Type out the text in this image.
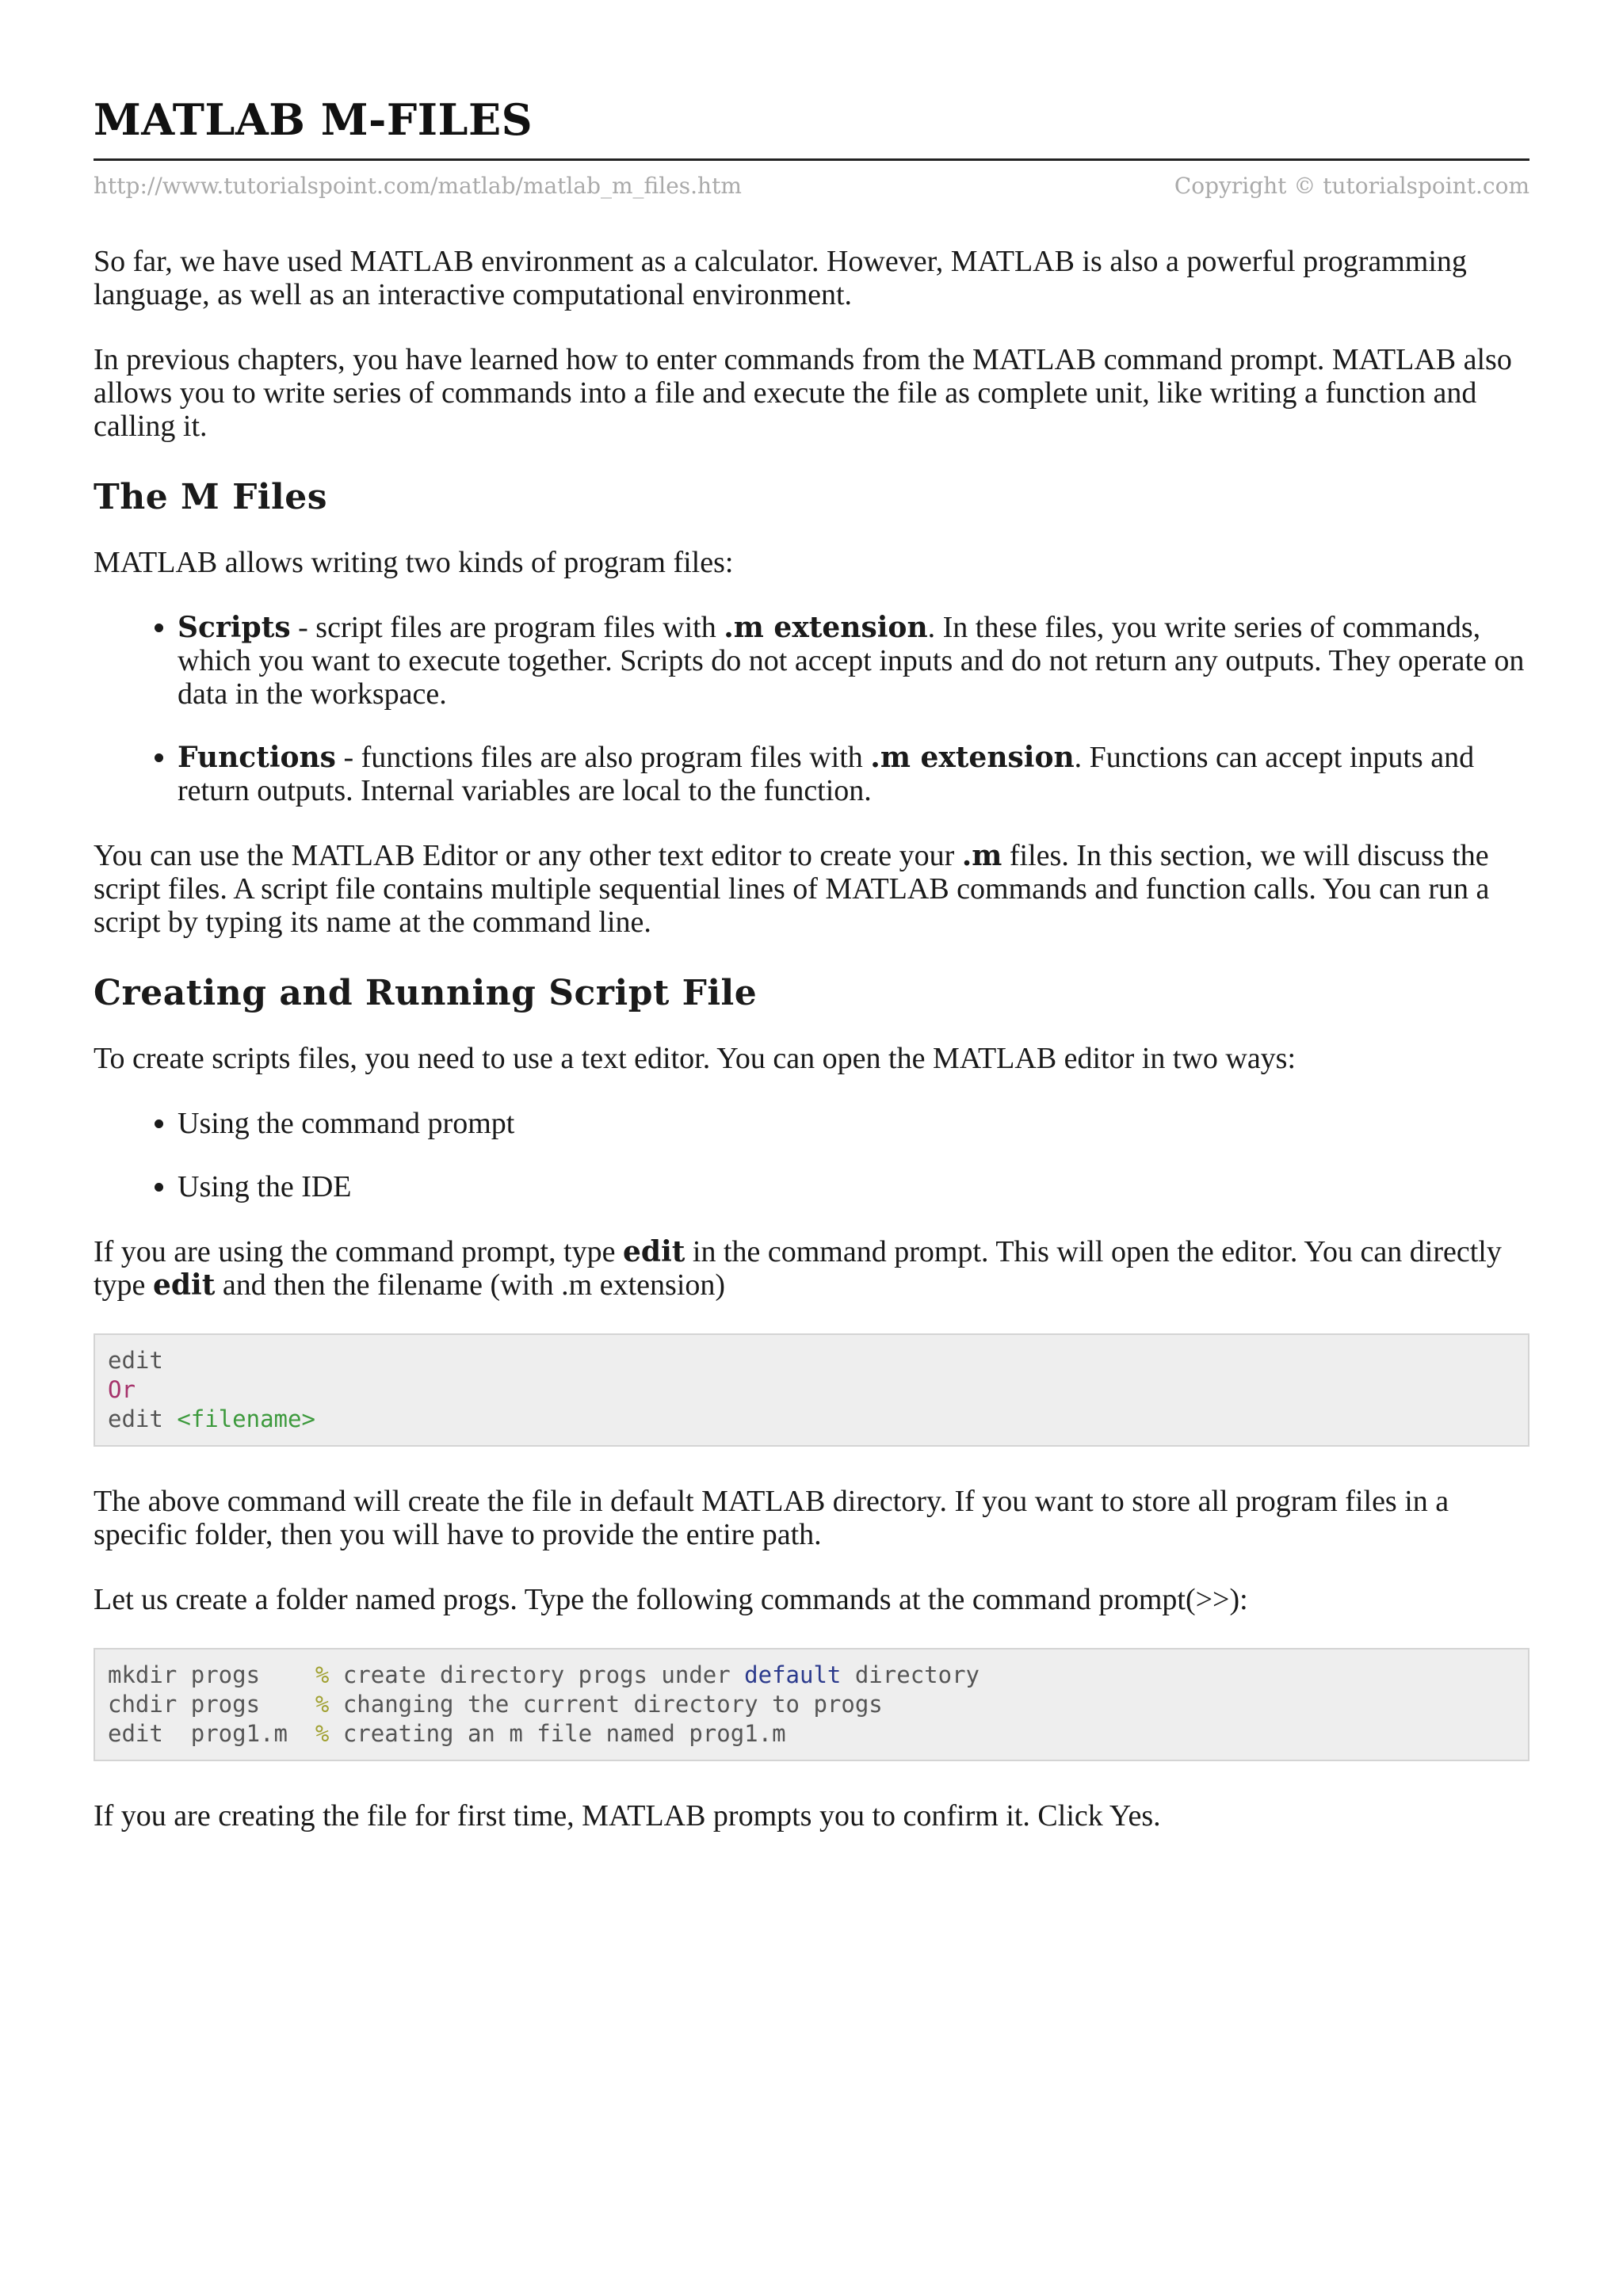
MATLAB M-FILES
http://www.tutorialspoint.com/matlab/matlab_m_files.htm	Copyright © tutorialspoint.com

So far, we have used MATLAB environment as a calculator. However, MATLAB is also a powerful programming language, as well as an interactive computational environment.

In previous chapters, you have learned how to enter commands from the MATLAB command prompt. MATLAB also allows you to write series of commands into a file and execute the file as complete unit, like writing a function and calling it.

The M Files

MATLAB allows writing two kinds of program files:

• Scripts - script files are program files with .m extension. In these files, you write series of commands, which you want to execute together. Scripts do not accept inputs and do not return any outputs. They operate on data in the workspace.
• Functions - functions files are also program files with .m extension. Functions can accept inputs and return outputs. Internal variables are local to the function.

You can use the MATLAB Editor or any other text editor to create your .m files. In this section, we will discuss the script files. A script file contains multiple sequential lines of MATLAB commands and function calls. You can run a script by typing its name at the command line.

Creating and Running Script File

To create scripts files, you need to use a text editor. You can open the MATLAB editor in two ways:

• Using the command prompt
• Using the IDE

If you are using the command prompt, type edit in the command prompt. This will open the editor. You can directly type edit and then the filename (with .m extension)

edit
Or
edit <filename>

The above command will create the file in default MATLAB directory. If you want to store all program files in a specific folder, then you will have to provide the entire path.

Let us create a folder named progs. Type the following commands at the command prompt(>>):

mkdir progs    % create directory progs under default directory
chdir progs    % changing the current directory to progs
edit  prog1.m  % creating an m file named prog1.m

If you are creating the file for first time, MATLAB prompts you to confirm it. Click Yes.
